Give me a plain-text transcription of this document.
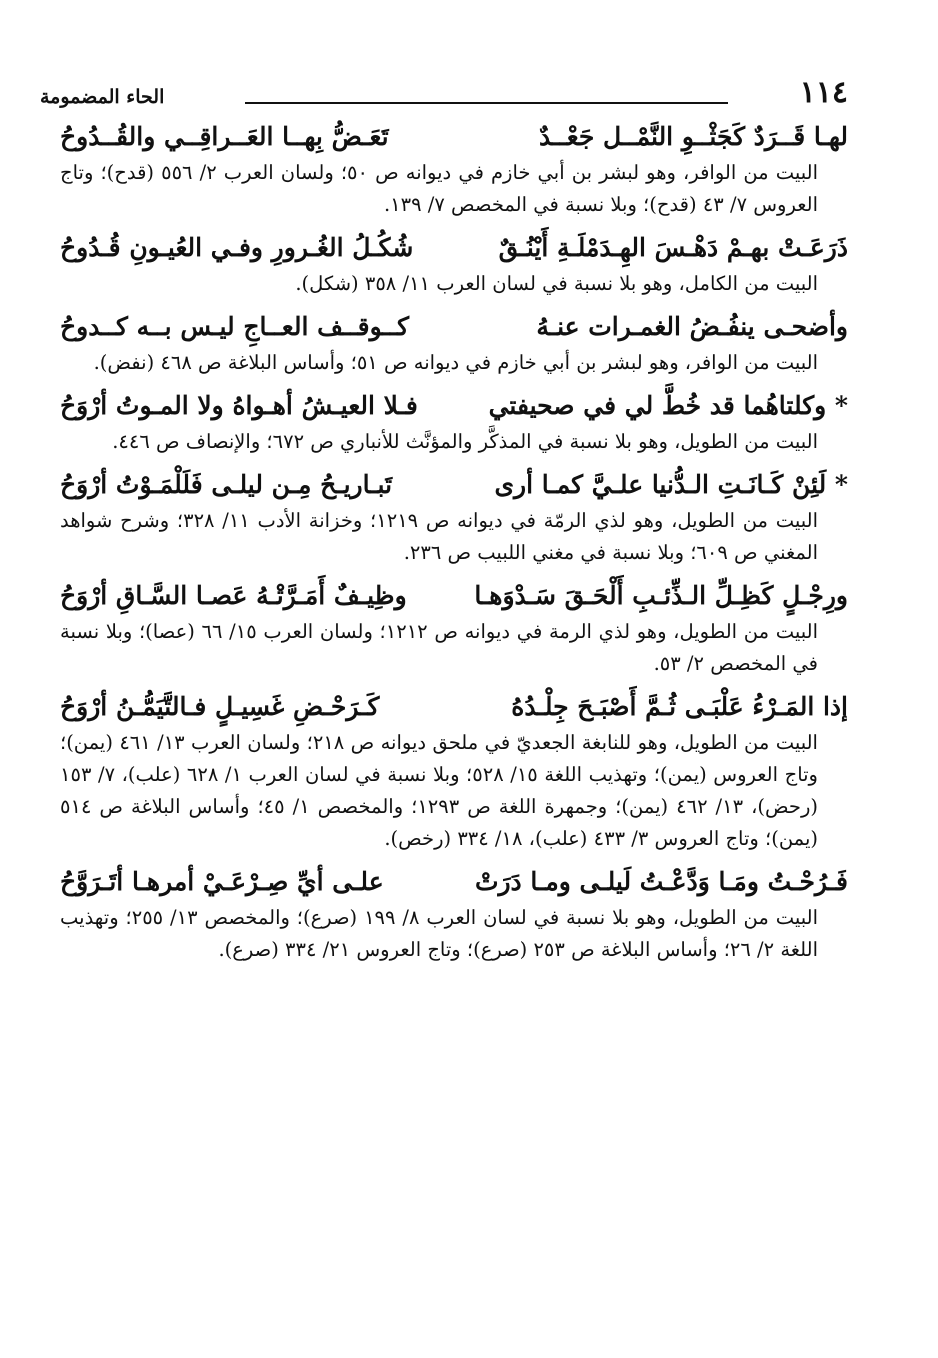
١١٤
الحاء المضمومة
لهـا قَــرَدٌ كَجَثْــوِ النَّمْــل جَعْــدٌ
تَعَـضُّ بِهــا العَــراقِــي والقُــدُوحُ
البيت من الوافر، وهو لبشر بن أبي خازم في ديوانه ص ٥٠؛ ولسان العرب ٢/ ٥٥٦ (قدح)؛ وتاج العروس ٧/ ٤٣ (قدح)؛ وبلا نسبة في المخصص ٧/ ١٣٩.
ذَرَعَـتْ بهـمْ دَهْـسَ الهِـدَمْلَـةِ أَيْنُـقٌ
شُكُـلُ الغُـرورِ وفـي العُيـونِ قُـدُوحُ
البيت من الكامل، وهو بلا نسبة في لسان العرب ١١/ ٣٥٨ (شكل).
وأضحـى ينفُـضُ الغمـرات عنـهُ
كــوقــف العــاجِ ليـس بــه كــدوحُ
البيت من الوافر، وهو لبشر بن أبي خازم في ديوانه ص ٥١؛ وأساس البلاغة ص ٤٦٨ (نفض).
* وكلتاهُما قد خُطَّ لي في صحيفتي
فـلا العيـشُ أهـواهُ ولا المـوتُ أرْوَحُ
البيت من الطويل، وهو بلا نسبة في المذكَّر والمؤنَّث للأنباري ص ٦٧٢؛ والإنصاف ص ٤٤٦.
* لَئِنْ كَـانَـتِ الـدُّنيا علـيَّ كمـا أرى
تَبـاريـحُ مِـن ليلـى فَلَلْمَـوْتُ أرْوَحُ
البيت من الطويل، وهو لذي الرمّة في ديوانه ص ١٢١٩؛ وخزانة الأدب ١١/ ٣٢٨؛ وشرح شواهد المغني ص ٦٠٩؛ وبلا نسبة في مغني اللبيب ص ٢٣٦.
ورِجْـلٍ كَظِـلِّ الـذِّئـبِ أَلْحَـقَ سَـدْوَهـا
وظِيـفٌ أَمَـرَّتْـهُ عَصـا السَّـاقِ أرْوَحُ
البيت من الطويل، وهو لذي الرمة في ديوانه ص ١٢١٢؛ ولسان العرب ١٥/ ٦٦ (عصا)؛ وبلا نسبة في المخصص ٢/ ٥٣.
إذا المَـرْءُ عَلْبَـى ثُـمَّ أَصْبَـحَ جِلْـدُهُ
كَـرَحْـضِ غَسِيـلٍ فـالتَّيَمُّـنُ أرْوَحُ
البيت من الطويل، وهو للنابغة الجعديّ في ملحق ديوانه ص ٢١٨؛ ولسان العرب ١٣/ ٤٦١ (يمن)؛ وتاج العروس (يمن)؛ وتهذيب اللغة ١٥/ ٥٢٨؛ وبلا نسبة في لسان العرب ١/ ٦٢٨ (علب)، ٧/ ١٥٣ (رحض)، ١٣/ ٤٦٢ (يمن)؛ وجمهرة اللغة ص ١٢٩٣؛ والمخصص ١/ ٤٥؛ وأساس البلاغة ص ٥١٤ (يمن)؛ وتاج العروس ٣/ ٤٣٣ (علب)، ١٨/ ٣٣٤ (رخص).
فَـرُحْـتُ ومَـا وَدَّعْـتُ لَيلـى ومـا دَرَتْ
علـى أيِّ صِـرْعَـيْ أمرهـا أتَـرَوَّحُ
البيت من الطويل، وهو بلا نسبة في لسان العرب ٨/ ١٩٩ (صرع)؛ والمخصص ١٣/ ٢٥٥؛ وتهذيب اللغة ٢/ ٢٦؛ وأساس البلاغة ص ٢٥٣ (صرع)؛ وتاج العروس ٢١/ ٣٣٤ (صرع).
